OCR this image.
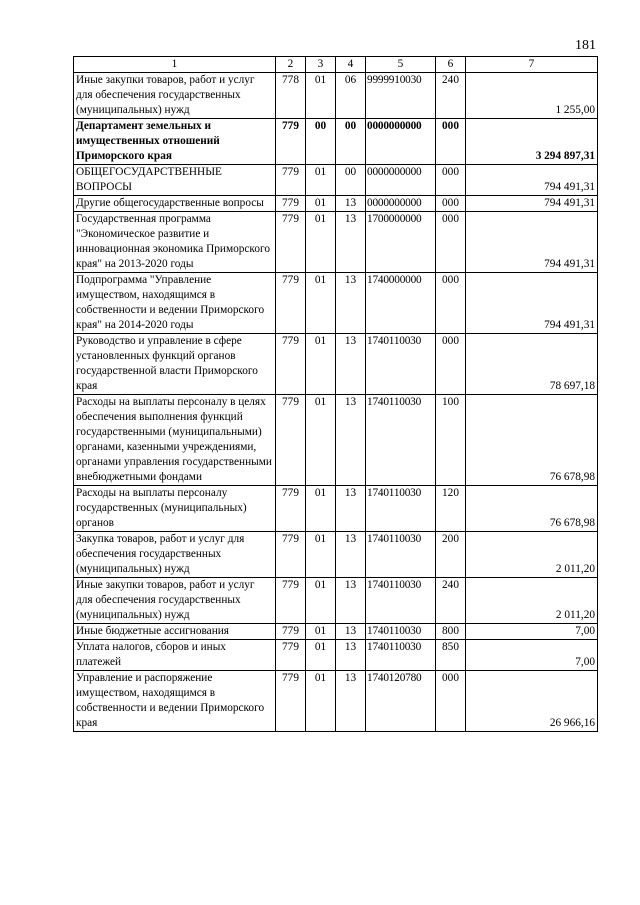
181
1	2	3	4	5	6	7
Иные закупки товаров, работ и услуг для обеспечения государственных (муниципальных) нужд	778	01	06	9999910030	240	1 255,00
Департамент земельных и имущественных отношений Приморского края	779	00	00	0000000000	000	3 294 897,31
ОБЩЕГОСУДАРСТВЕННЫЕ ВОПРОСЫ	779	01	00	0000000000	000	794 491,31
Другие общегосударственные вопросы	779	01	13	0000000000	000	794 491,31
Государственная программа "Экономическое развитие и инновационная экономика Приморского края" на 2013-2020 годы	779	01	13	1700000000	000	794 491,31
Подпрограмма "Управление имуществом, находящимся в собственности и ведении Приморского края" на 2014-2020 годы	779	01	13	1740000000	000	794 491,31
Руководство и управление в сфере установленных функций органов государственной власти Приморского края	779	01	13	1740110030	000	78 697,18
Расходы на выплаты персоналу в целях обеспечения выполнения функций государственными (муниципальными) органами, казенными учреждениями, органами управления государственными внебюджетными фондами	779	01	13	1740110030	100	76 678,98
Расходы на выплаты персоналу государственных (муниципальных) органов	779	01	13	1740110030	120	76 678,98
Закупка товаров, работ и услуг для обеспечения государственных (муниципальных) нужд	779	01	13	1740110030	200	2 011,20
Иные закупки товаров, работ и услуг для обеспечения государственных (муниципальных) нужд	779	01	13	1740110030	240	2 011,20
Иные бюджетные ассигнования	779	01	13	1740110030	800	7,00
Уплата налогов, сборов и иных платежей	779	01	13	1740110030	850	7,00
Управление и распоряжение имуществом, находящимся в собственности и ведении Приморского края	779	01	13	1740120780	000	26 966,16
